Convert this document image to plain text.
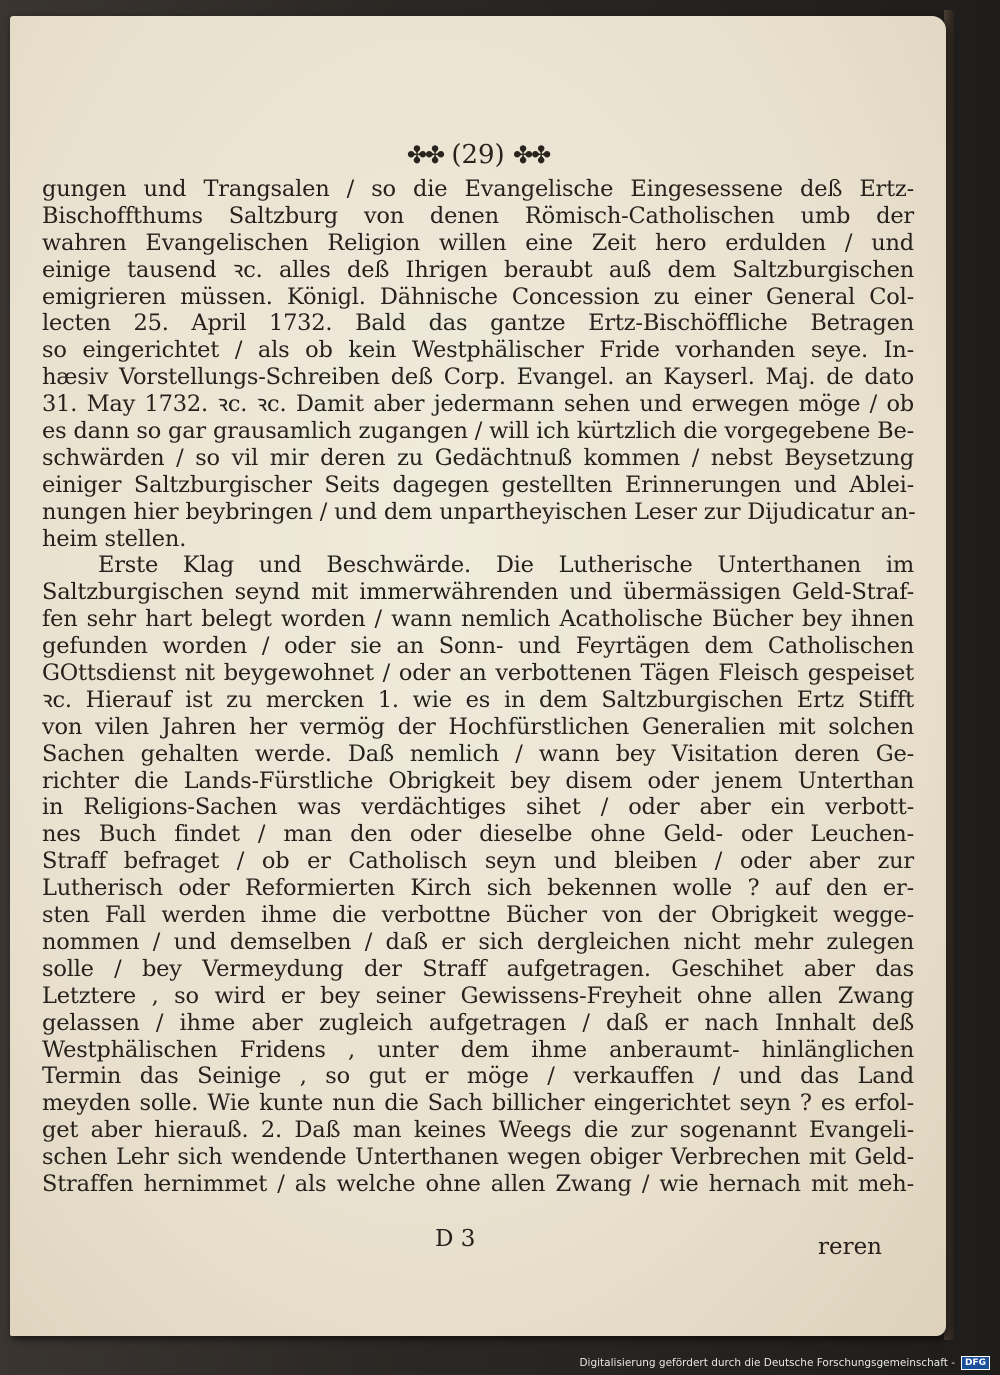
✤✤ (29) ✤✤
gungen und Trangsalen / so die Evangelische Eingesessene deß Ertz-
Bischoffthums Saltzburg von denen Römisch-Catholischen umb der
wahren Evangelischen Religion willen eine Zeit hero erdulden / und
einige tausend ꝛc. alles deß Ihrigen beraubt auß dem Saltzburgischen
emigrieren müssen. Königl. Dähnische Concession zu einer General Col-
lecten 25. April 1732. Bald das gantze Ertz-Bischöffliche Betragen
so eingerichtet / als ob kein Westphälischer Fride vorhanden seye. In-
hæsiv Vorstellungs-Schreiben deß Corp. Evangel. an Kayserl. Maj. de dato
31. May 1732. ꝛc. ꝛc. Damit aber jedermann sehen und erwegen möge / ob
es dann so gar grausamlich zugangen / will ich kürtzlich die vorgegebene Be-
schwärden / so vil mir deren zu Gedächtnuß kommen / nebst Beysetzung
einiger Saltzburgischer Seits dagegen gestellten Erinnerungen und Ablei-
nungen hier beybringen / und dem unpartheyischen Leser zur Dijudicatur an-
heim stellen.
Erste Klag und Beschwärde. Die Lutherische Unterthanen im
Saltzburgischen seynd mit immerwährenden und übermässigen Geld-Straf-
fen sehr hart belegt worden / wann nemlich Acatholische Bücher bey ihnen
gefunden worden / oder sie an Sonn- und Feyrtägen dem Catholischen
GOttsdienst nit beygewohnet / oder an verbottenen Tägen Fleisch gespeiset
ꝛc. Hierauf ist zu mercken 1. wie es in dem Saltzburgischen Ertz Stifft
von vilen Jahren her vermög der Hochfürstlichen Generalien mit solchen
Sachen gehalten werde. Daß nemlich / wann bey Visitation deren Ge-
richter die Lands-Fürstliche Obrigkeit bey disem oder jenem Unterthan
in Religions-Sachen was verdächtiges sihet / oder aber ein verbott-
nes Buch findet / man den oder dieselbe ohne Geld- oder Leuchen-
Straff befraget / ob er Catholisch seyn und bleiben / oder aber zur
Lutherisch oder Reformierten Kirch sich bekennen wolle ? auf den er-
sten Fall werden ihme die verbottne Bücher von der Obrigkeit wegge-
nommen / und demselben / daß er sich dergleichen nicht mehr zulegen
solle / bey Vermeydung der Straff aufgetragen. Geschihet aber das
Letztere , so wird er bey seiner Gewissens-Freyheit ohne allen Zwang
gelassen / ihme aber zugleich aufgetragen / daß er nach Innhalt deß
Westphälischen Fridens , unter dem ihme anberaumt- hinlänglichen
Termin das Seinige , so gut er möge / verkauffen / und das Land
meyden solle. Wie kunte nun die Sach billicher eingerichtet seyn ? es erfol-
get aber hierauß. 2. Daß man keines Weegs die zur sogenannt Evangeli-
schen Lehr sich wendende Unterthanen wegen obiger Verbrechen mit Geld-
Straffen hernimmet / als welche ohne allen Zwang / wie hernach mit meh-
D 3	reren
Digitalisierung gefördert durch die Deutsche Forschungsgemeinschaft -	DFG
